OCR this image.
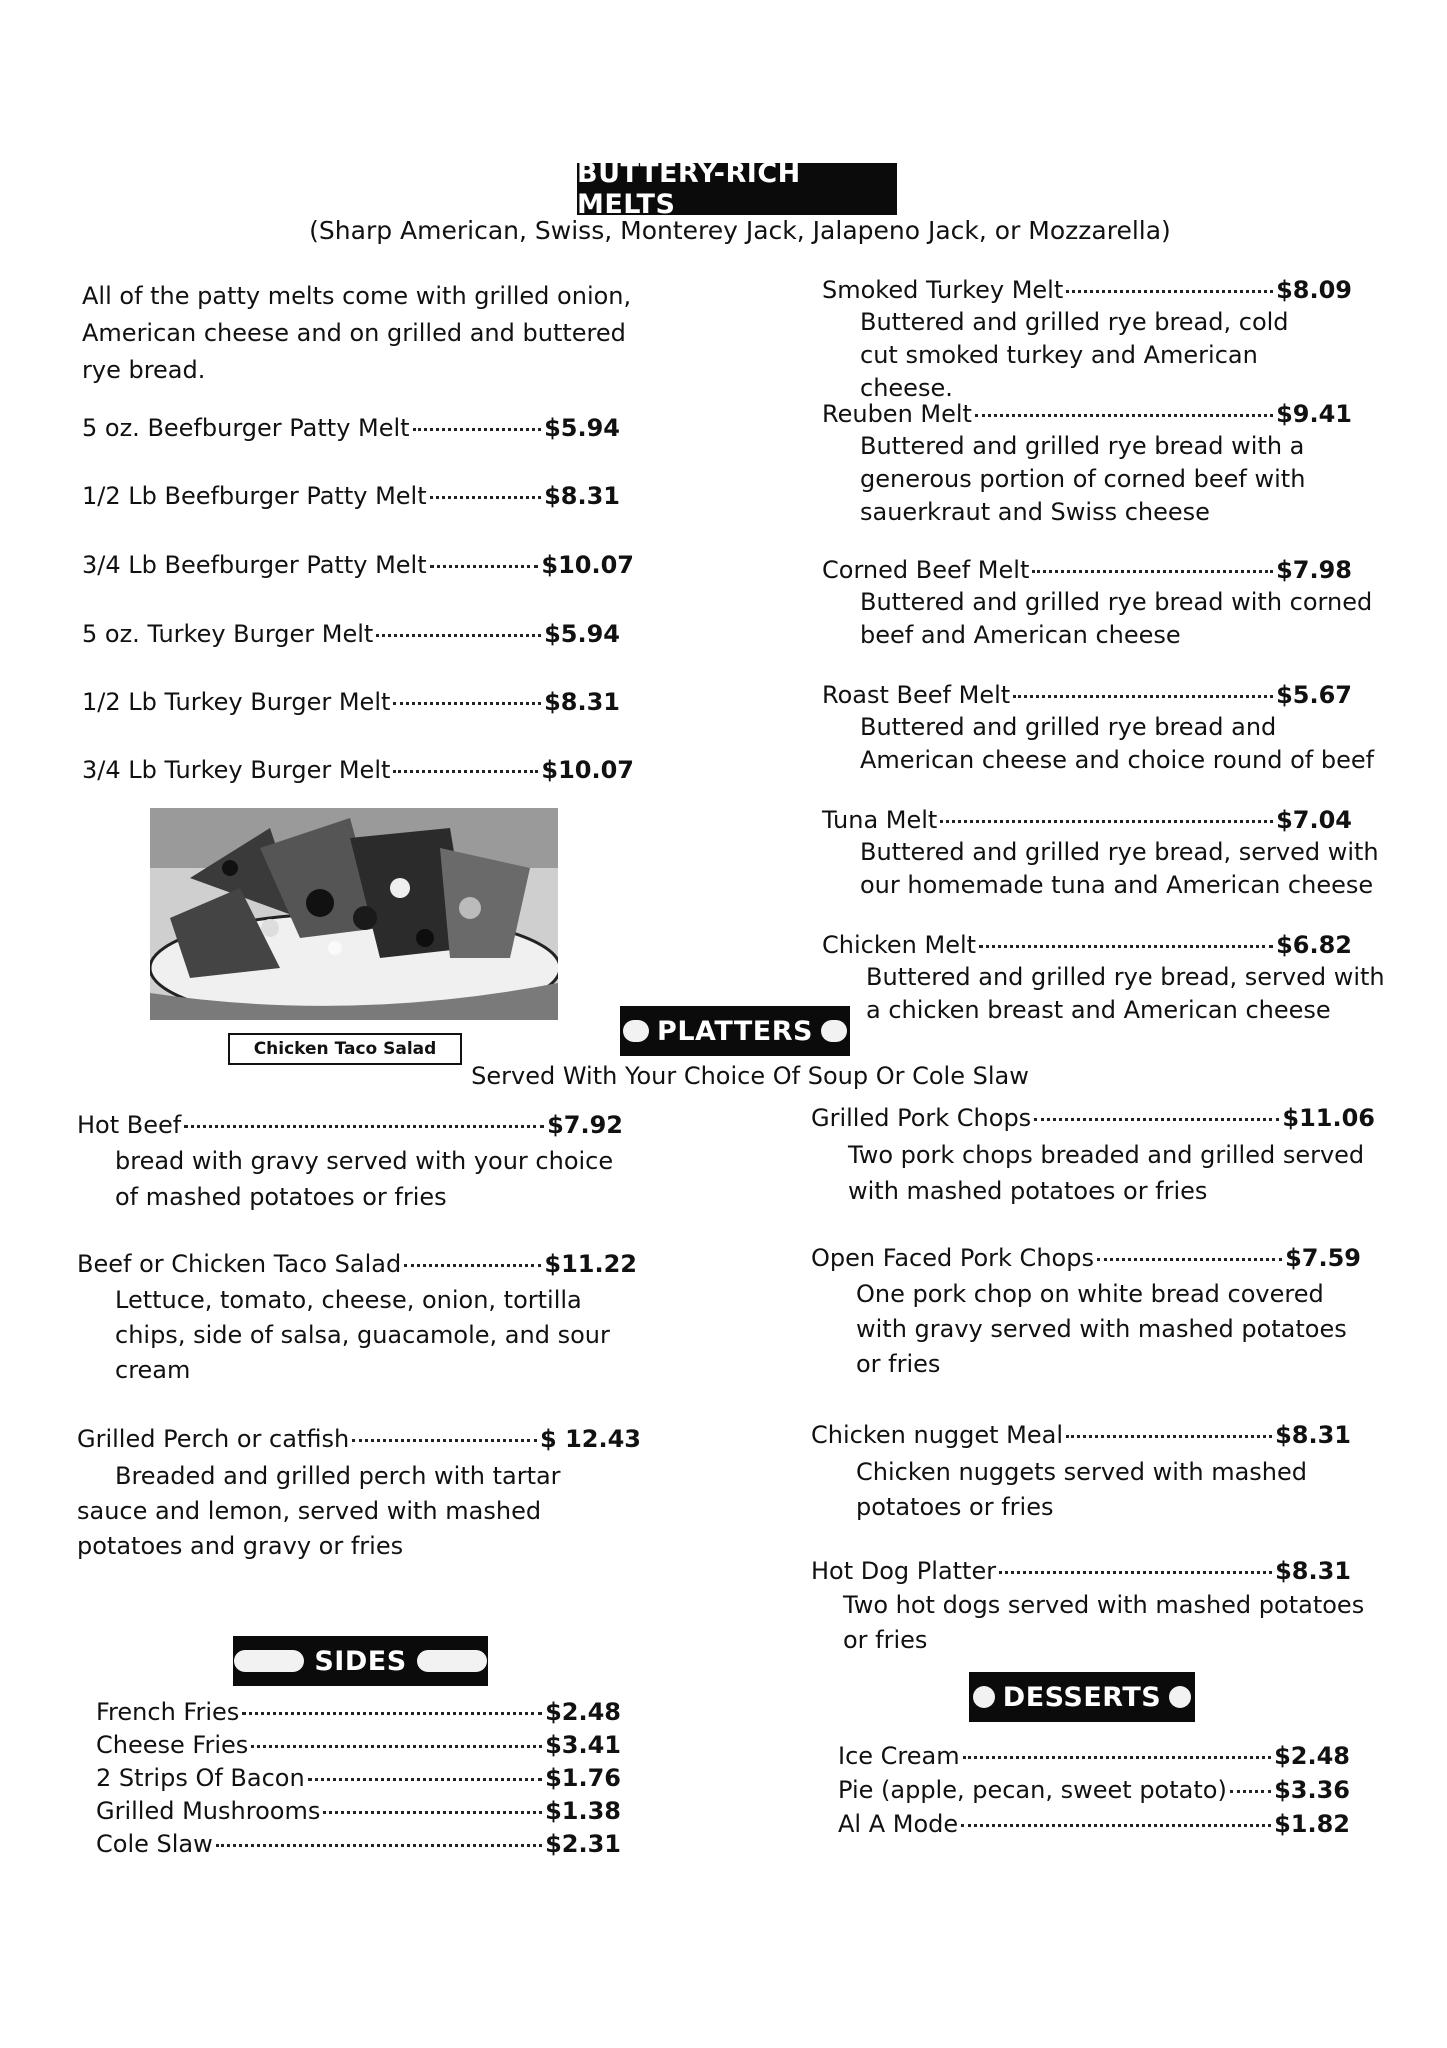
BUTTERY-RICH MELTS
(Sharp American, Swiss, Monterey Jack, Jalapeno Jack, or Mozzarella)
All of the patty melts come with grilled onion, American cheese and on grilled and buttered rye bread.
5 oz. Beefburger Patty Melt	$5.94
1/2 Lb Beefburger Patty Melt	$8.31
3/4 Lb Beefburger Patty Melt	$10.07
5 oz. Turkey Burger Melt	$5.94
1/2 Lb Turkey Burger Melt	$8.31
3/4 Lb Turkey Burger Melt	$10.07
Chicken Taco Salad
Smoked Turkey Melt	$8.09
Buttered and grilled rye bread, cold cut smoked turkey and American cheese.
Reuben Melt	$9.41
Buttered and grilled rye bread with a generous portion of corned beef with sauerkraut and Swiss cheese
Corned Beef Melt	$7.98
Buttered and grilled rye bread with corned beef and American cheese
Roast Beef Melt	$5.67
Buttered and grilled rye bread and American cheese and choice round of beef
Tuna Melt	$7.04
Buttered and grilled rye bread, served with our homemade tuna and American cheese
Chicken Melt	$6.82
Buttered and grilled rye bread, served with a chicken breast and American cheese
PLATTERS
Served With Your Choice Of Soup Or Cole Slaw
Hot Beef	$7.92
bread with gravy served with your choice of mashed potatoes or fries
Beef or Chicken Taco Salad	$11.22
Lettuce, tomato, cheese, onion, tortilla chips, side of salsa, guacamole, and sour cream
Grilled Perch or catfish	$ 12.43
Breaded and grilled perch with tartar sauce and lemon, served with mashed potatoes and gravy or fries
Grilled Pork Chops	$11.06
Two pork chops breaded and grilled served with mashed potatoes or fries
Open Faced Pork Chops	$7.59
One pork chop on white bread covered with gravy served with mashed potatoes or fries
Chicken nugget Meal	$8.31
Chicken nuggets served with mashed potatoes or fries
Hot Dog Platter	$8.31
Two hot dogs served with mashed potatoes or fries
SIDES
French Fries	$2.48
Cheese Fries	$3.41
2 Strips Of Bacon	$1.76
Grilled Mushrooms	$1.38
Cole Slaw	$2.31
DESSERTS
Ice Cream	$2.48
Pie (apple, pecan, sweet potato) $3.36
Al A Mode	$1.82
